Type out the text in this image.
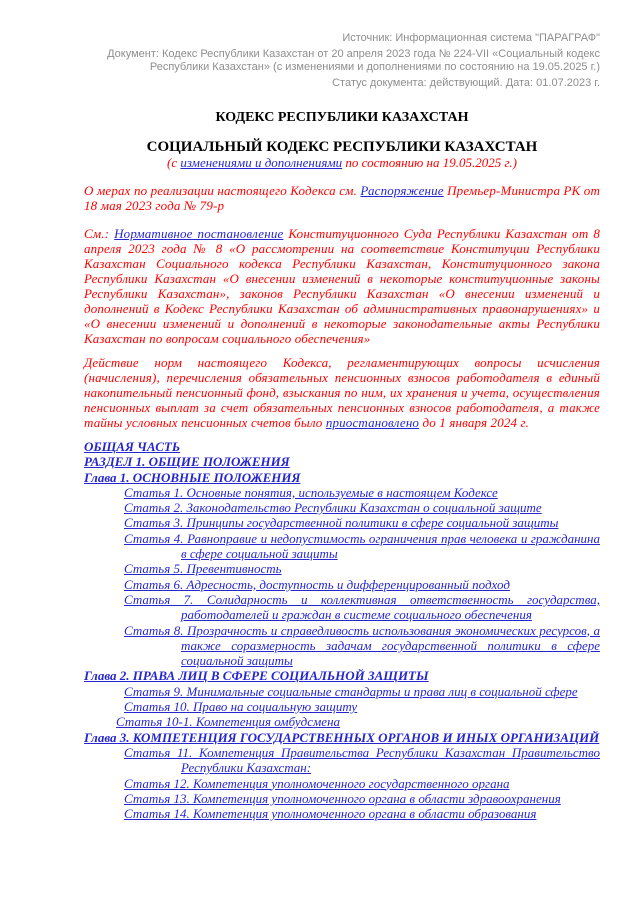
Источник: Информационная система "ПАРАГРАФ"
Документ: Кодекс Республики Казахстан от 20 апреля 2023 года № 224-VII «Социальный кодекс Республики Казахстан» (с изменениями и дополнениями по состоянию на 19.05.2025 г.)
Статус документа: действующий. Дата: 01.07.2023 г.
КОДЕКС РЕСПУБЛИКИ КАЗАХСТАН
СОЦИАЛЬНЫЙ КОДЕКС РЕСПУБЛИКИ КАЗАХСТАН
(с изменениями и дополнениями по состоянию на 19.05.2025 г.)

О мерах по реализации настоящего Кодекса см. Распоряжение Премьер-Министра РК от 18 мая 2023 года № 79-р

См.: Нормативное постановление Конституционного Суда Республики Казахстан от 8 апреля 2023 года № 8 «О рассмотрении на соответствие Конституции Республики Казахстан Социального кодекса Республики Казахстан, Конституционного закона Республики Казахстан «О внесении изменений в некоторые конституционные законы Республики Казахстан», законов Республики Казахстан «О внесении изменений и дополнений в Кодекс Республики Казахстан об административных правонарушениях» и «О внесении изменений и дополнений в некоторые законодательные акты Республики Казахстан по вопросам социального обеспечения»

Действие норм настоящего Кодекса, регламентирующих вопросы исчисления (начисления), перечисления обязательных пенсионных взносов работодателя в единый накопительный пенсионный фонд, взыскания по ним, их хранения и учета, осуществления пенсионных выплат за счет обязательных пенсионных взносов работодателя, а также тайны условных пенсионных счетов было приостановлено до 1 января 2024 г.

ОБЩАЯ ЧАСТЬ
РАЗДЕЛ 1. ОБЩИЕ ПОЛОЖЕНИЯ
Глава 1. ОСНОВНЫЕ ПОЛОЖЕНИЯ
Статья 1. Основные понятия, используемые в настоящем Кодексе
Статья 2. Законодательство Республики Казахстан о социальной защите
Статья 3. Принципы государственной политики в сфере социальной защиты
Статья 4. Равноправие и недопустимость ограничения прав человека и гражданина в сфере социальной защиты
Статья 5. Превентивность
Статья 6. Адресность, доступность и дифференцированный подход
Статья 7. Солидарность и коллективная ответственность государства, работодателей и граждан в системе социального обеспечения
Статья 8. Прозрачность и справедливость использования экономических ресурсов, а также соразмерность задачам государственной политики в сфере социальной защиты
Глава 2. ПРАВА ЛИЦ В СФЕРЕ СОЦИАЛЬНОЙ ЗАЩИТЫ
Статья 9. Минимальные социальные стандарты и права лиц в социальной сфере
Статья 10. Право на социальную защиту
Статья 10-1. Компетенция омбудсмена
Глава 3. КОМПЕТЕНЦИЯ ГОСУДАРСТВЕННЫХ ОРГАНОВ И ИНЫХ ОРГАНИЗАЦИЙ
Статья 11. Компетенция Правительства Республики Казахстан Правительство Республики Казахстан:
Статья 12. Компетенция уполномоченного государственного органа
Статья 13. Компетенция уполномоченного органа в области здравоохранения
Статья 14. Компетенция уполномоченного органа в области образования
